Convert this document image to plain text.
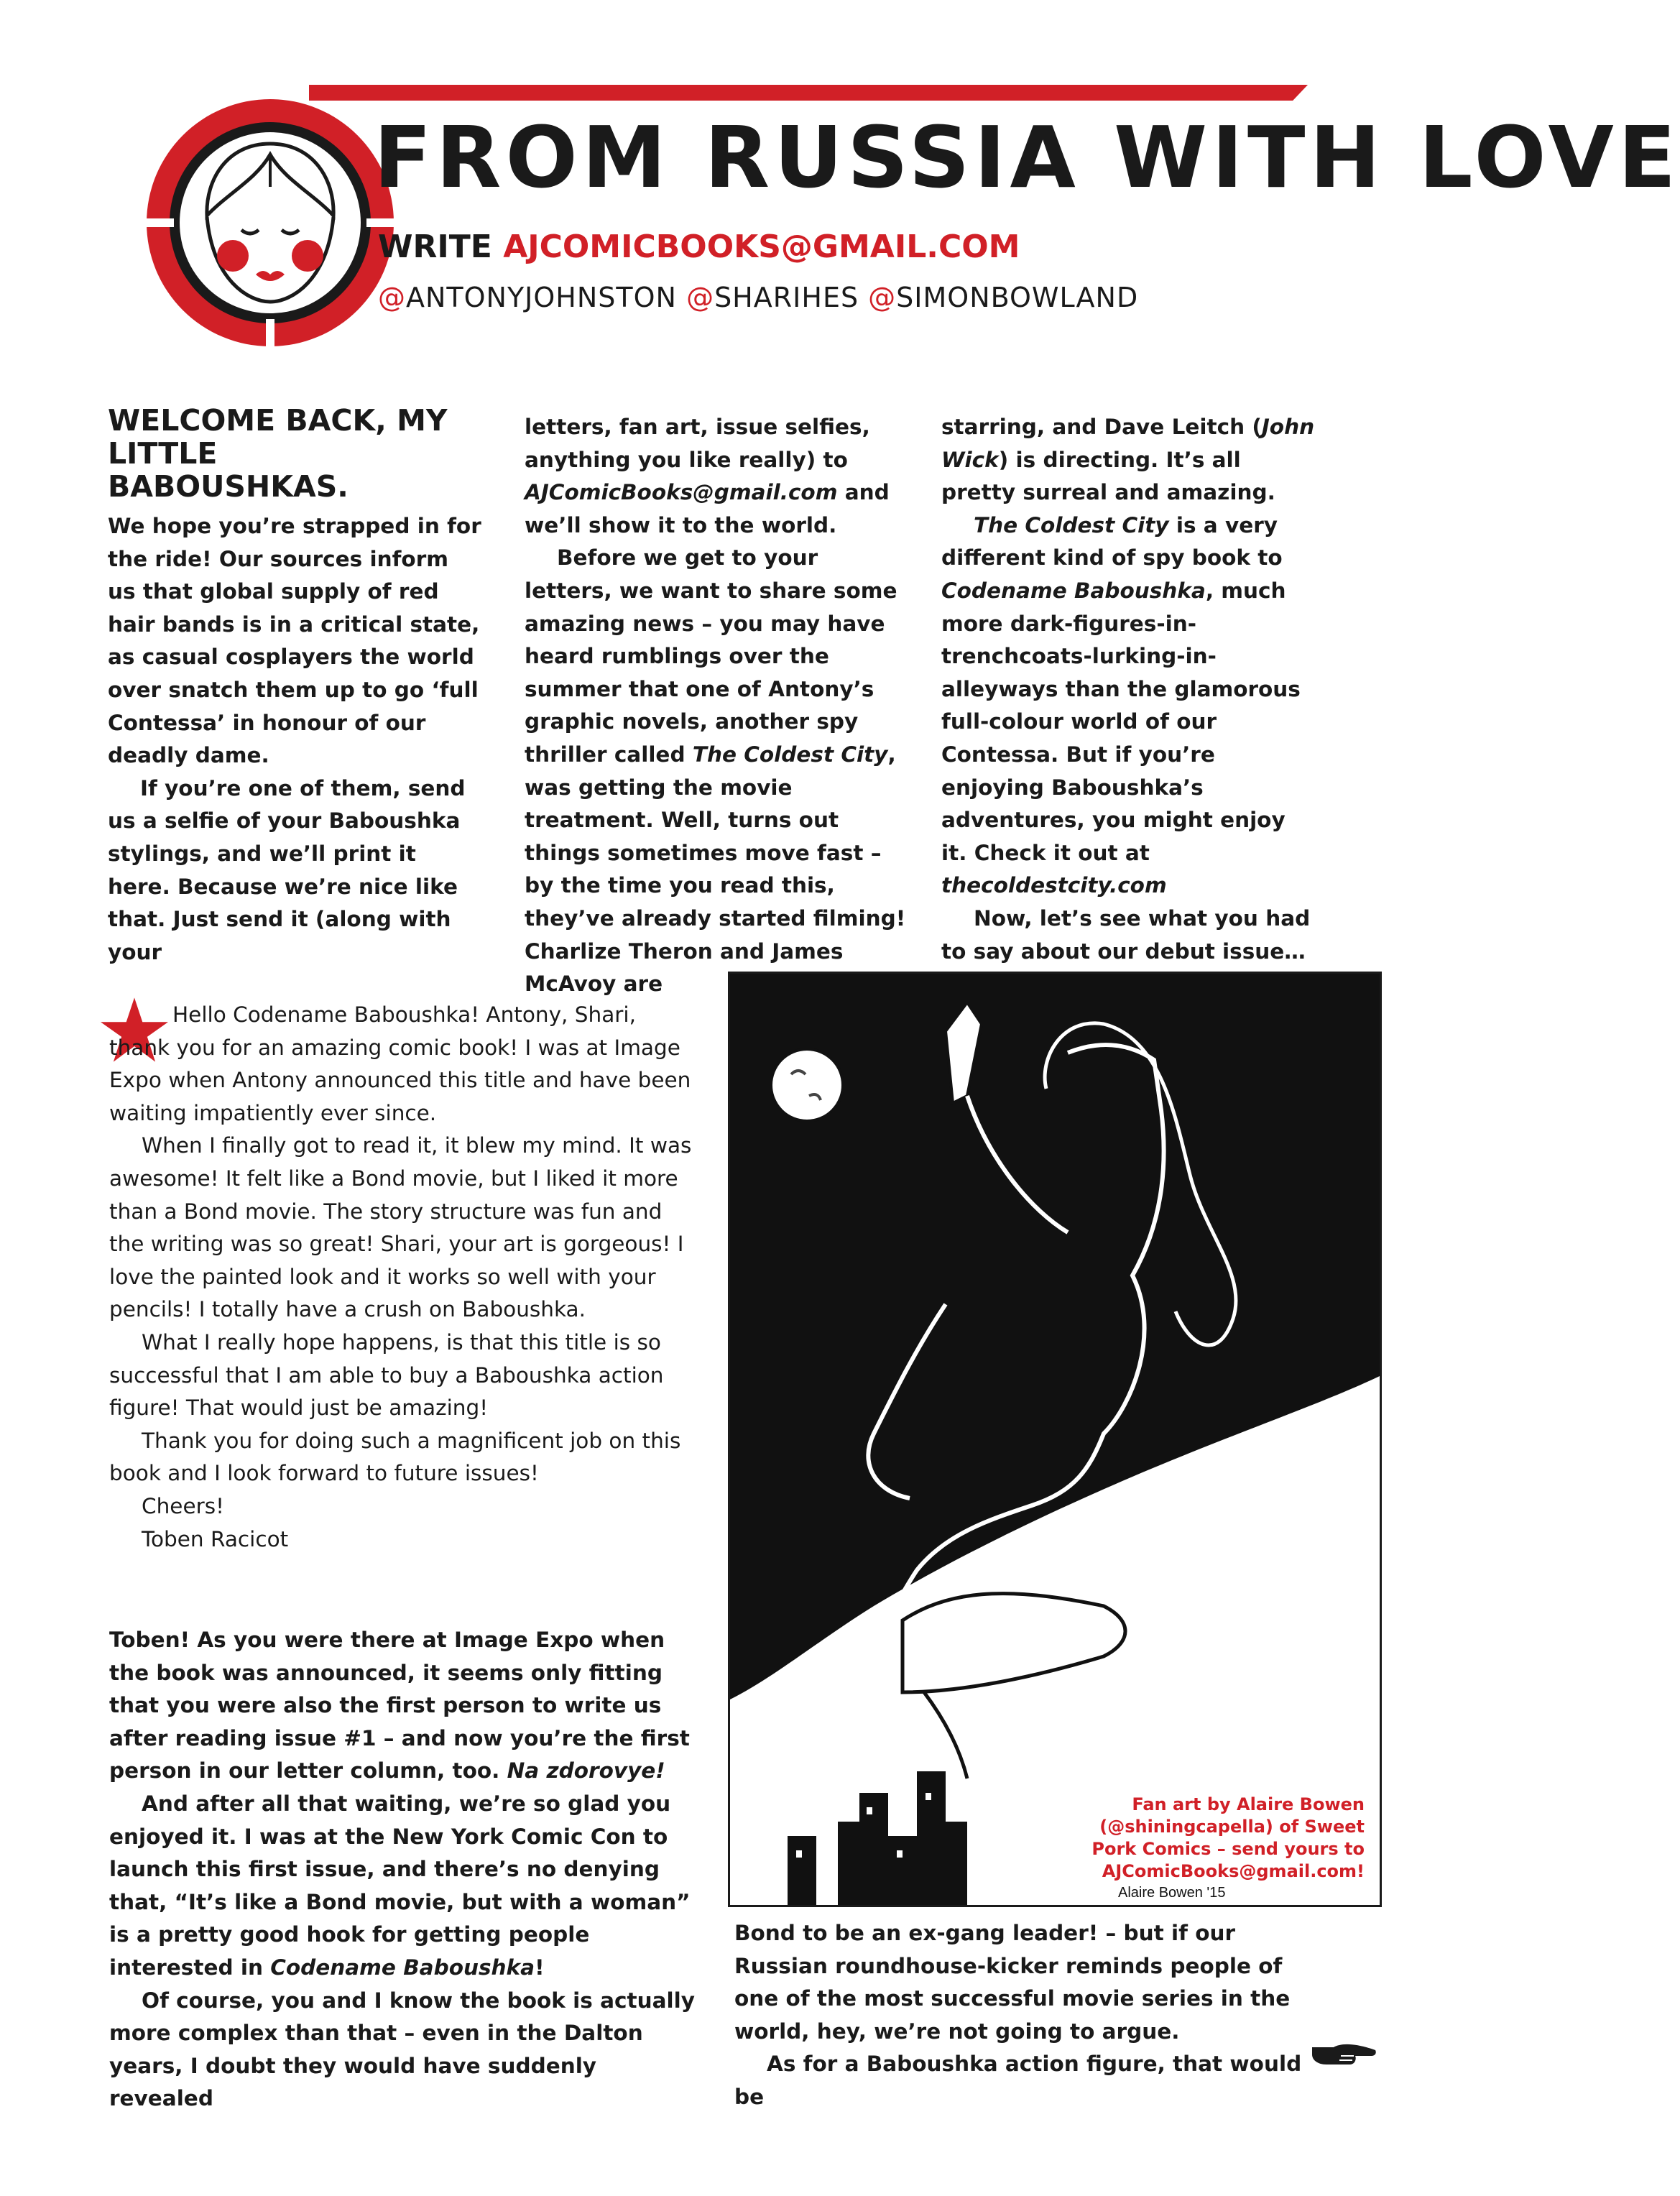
FROM RUSSIA WITH LOVE
WRITE AJCOMICBOOKS@GMAIL.COM
@ANTONYJOHNSTON @SHARIHES @SIMONBOWLAND
WELCOME BACK, MY LITTLE BABOUSHKAS.

We hope you’re strapped in for the ride! Our sources inform us that global supply of red hair bands is in a critical state, as casual cosplayers the world over snatch them up to go ‘full Contessa’ in honour of our deadly dame.

If you’re one of them, send us a selfie of your Baboushka stylings, and we’ll print it here. Because we’re nice like that. Just send it (along with your

letters, fan art, issue selfies, anything you like really) to AJComicBooks@gmail.com and we’ll show it to the world.

Before we get to your letters, we want to share some amazing news – you may have heard rumblings over the summer that one of Antony’s graphic novels, another spy thriller called The Coldest City, was getting the movie treatment. Well, turns out things sometimes move fast – by the time you read this, they’ve already started filming! Charlize Theron and James McAvoy are

starring, and Dave Leitch (John Wick) is directing. It’s all pretty surreal and amazing.

The Coldest City is a very different kind of spy book to Codename Baboushka, much more dark-figures-in-trenchcoats-lurking-in-alleyways than the glamorous full-colour world of our Contessa. But if you’re enjoying Baboushka’s adventures, you might enjoy it. Check it out at thecoldestcity.com

Now, let’s see what you had to say about our debut issue…

Hello Codename Baboushka! Antony, Shari, thank you for an amazing comic book! I was at Image Expo when Antony announced this title and have been waiting impatiently ever since.

When I finally got to read it, it blew my mind. It was awesome! It felt like a Bond movie, but I liked it more than a Bond movie. The story structure was fun and the writing was so great! Shari, your art is gorgeous! I love the painted look and it works so well with your pencils! I totally have a crush on Baboushka.

What I really hope happens, is that this title is so successful that I am able to buy a Baboushka action figure! That would just be amazing!

Thank you for doing such a magnificent job on this book and I look forward to future issues!

Cheers!

Toben Racicot

Toben! As you were there at Image Expo when the book was announced, it seems only fitting that you were also the first person to write us after reading issue #1 – and now you’re the first person in our letter column, too. Na zdorovye!

And after all that waiting, we’re so glad you enjoyed it. I was at the New York Comic Con to launch this first issue, and there’s no denying that, “It’s like a Bond movie, but with a woman” is a pretty good hook for getting people interested in Codename Baboushka!

Of course, you and I know the book is actually more complex than that – even in the Dalton years, I doubt they would have suddenly revealed

Bond to be an ex-gang leader! – but if our Russian roundhouse-kicker reminds people of one of the most successful movie series in the world, hey, we’re not going to argue.

As for a Baboushka action figure, that would be

Alaire Bowen '15
Fan art by Alaire Bowen (@shiningcapella) of Sweet Pork Comics – send yours to AJComicBooks@gmail.com!
